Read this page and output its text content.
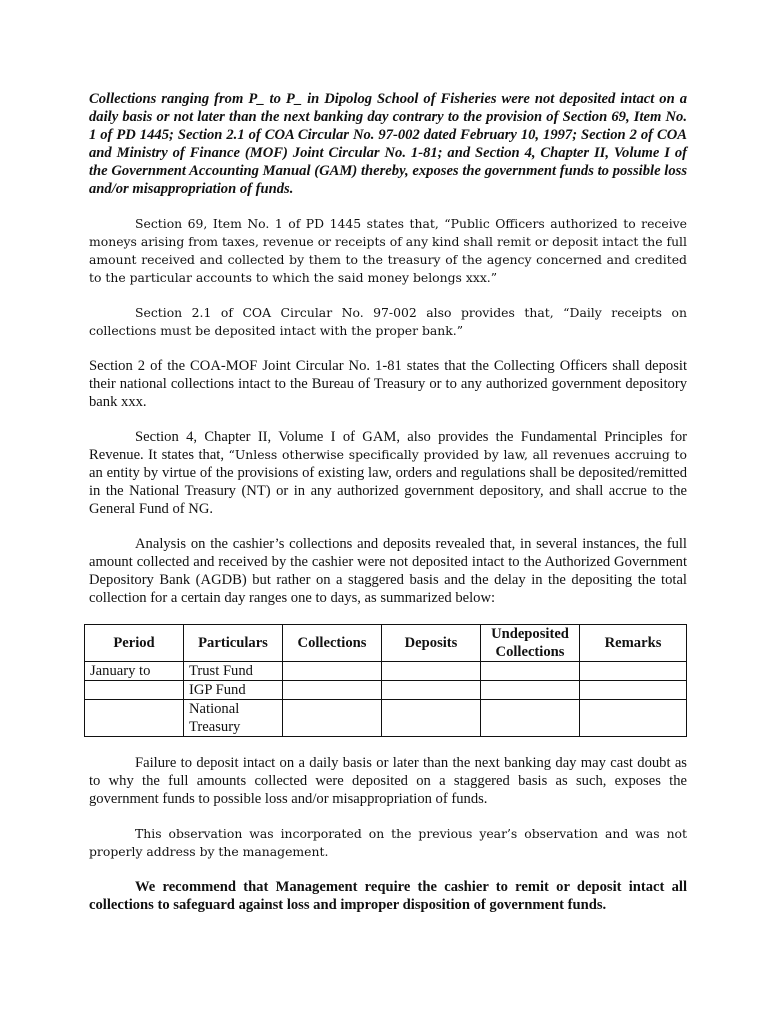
Collections ranging from P_ to P_ in Dipolog School of Fisheries were not deposited intact on a daily basis or not later than the next banking day contrary to the provision of Section 69, Item No. 1 of PD 1445; Section 2.1 of COA Circular No. 97-002 dated February 10, 1997; Section 2 of COA and Ministry of Finance (MOF) Joint Circular No. 1-81; and Section 4, Chapter II, Volume I of the Government Accounting Manual (GAM) thereby, exposes the government funds to possible loss and/or misappropriation of funds.

Section 69, Item No. 1 of PD 1445 states that, “Public Officers authorized to receive moneys arising from taxes, revenue or receipts of any kind shall remit or deposit intact the full amount received and collected by them to the treasury of the agency concerned and credited to the particular accounts to which the said money belongs xxx.”

Section 2.1 of COA Circular No. 97-002 also provides that, “Daily receipts on collections must be deposited intact with the proper bank.”

Section 2 of the COA-MOF Joint Circular No. 1-81 states that the Collecting Officers shall deposit their national collections intact to the Bureau of Treasury or to any authorized government depository bank xxx.

Section 4, Chapter II, Volume I of GAM, also provides the Fundamental Principles for Revenue. It states that, “Unless otherwise specifically provided by law, all revenues accruing to an entity by virtue of the provisions of existing law, orders and regulations shall be deposited/remitted in the National Treasury (NT) or in any authorized government depository, and shall accrue to the General Fund of NG.

Analysis on the cashier’s collections and deposits revealed that, in several instances, the full amount collected and received by the cashier were not deposited intact to the Authorized Government Depository Bank (AGDB) but rather on a staggered basis and the delay in the depositing the total collection for a certain day ranges one to days, as summarized below:

Period	Particulars	Collections	Deposits	Undeposited Collections	Remarks
January to	Trust Fund				
	IGP Fund				
	National Treasury				

Failure to deposit intact on a daily basis or later than the next banking day may cast doubt as to why the full amounts collected were deposited on a staggered basis as such, exposes the government funds to possible loss and/or misappropriation of funds.

This observation was incorporated on the previous year’s observation and was not properly address by the management.

We recommend that Management require the cashier to remit or deposit intact all collections to safeguard against loss and improper disposition of government funds.
